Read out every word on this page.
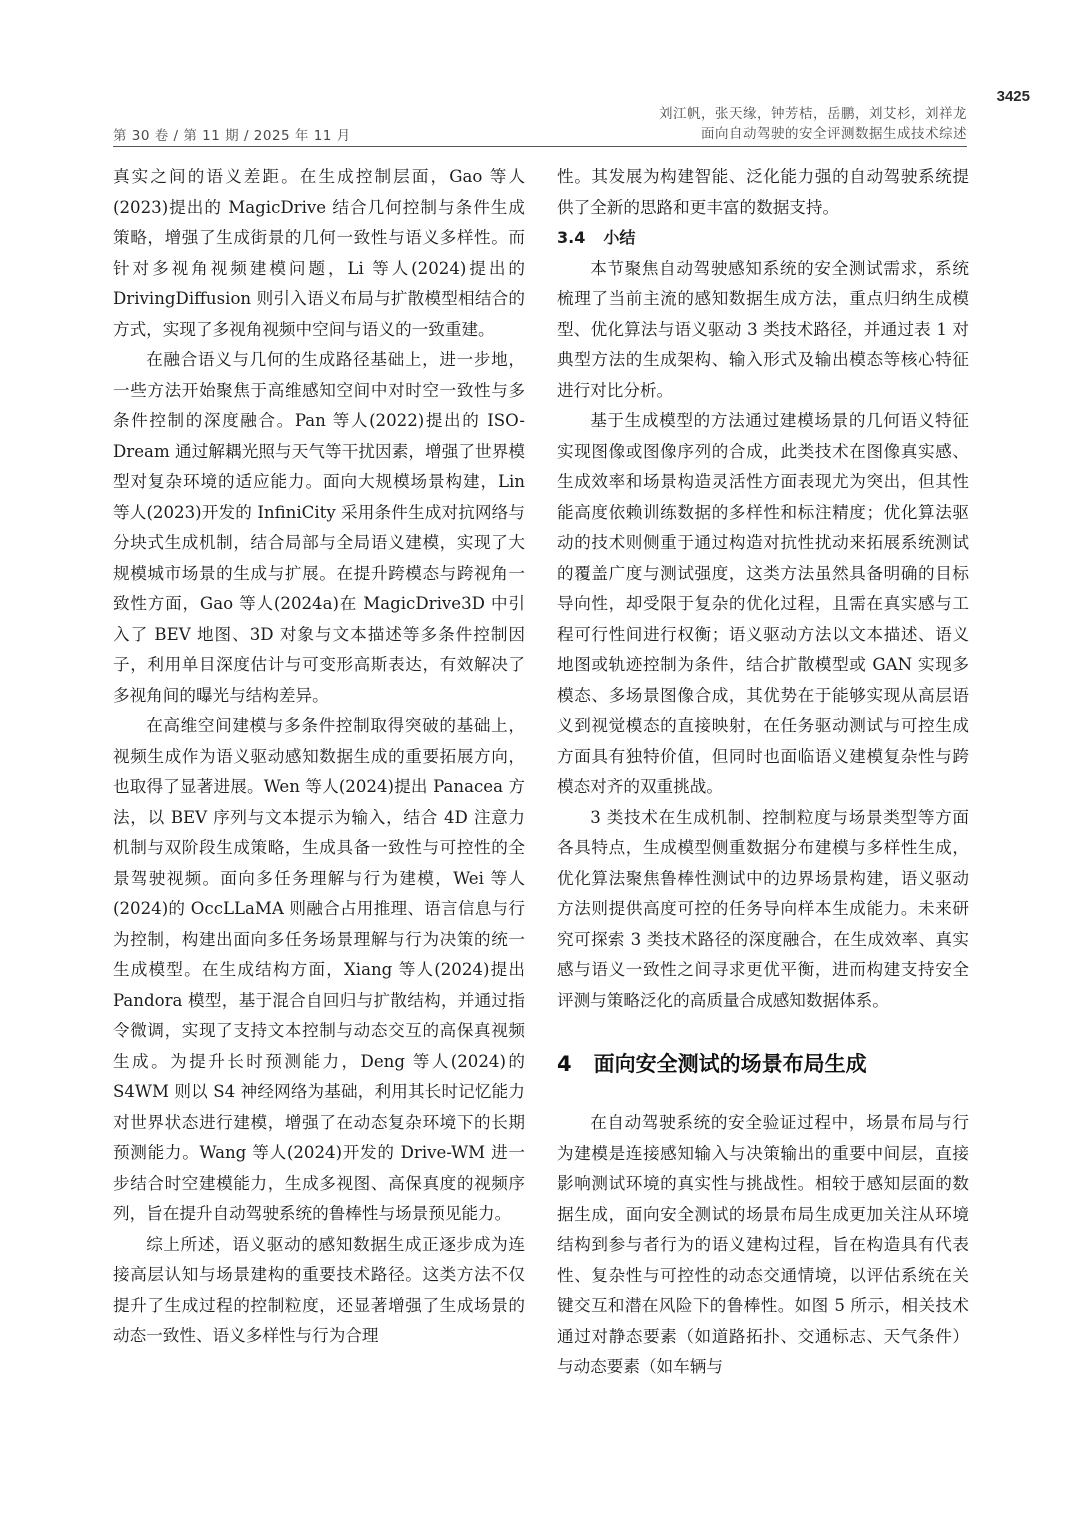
3425
第 30 卷 / 第 11 期 / 2025 年 11 月
刘江帆，张天缘，钟芳桔，岳鹏，刘艾杉，刘祥龙
面向自动驾驶的安全评测数据生成技术综述

真实之间的语义差距。在生成控制层面，Gao 等人(2023)提出的 MagicDrive 结合几何控制与条件生成策略，增强了生成街景的几何一致性与语义多样性。而针对多视角视频建模问题，Li 等人(2024)提出的 DrivingDiffusion 则引入语义布局与扩散模型相结合的方式，实现了多视角视频中空间与语义的一致重建。

在融合语义与几何的生成路径基础上，进一步地，一些方法开始聚焦于高维感知空间中对时空一致性与多条件控制的深度融合。Pan 等人(2022)提出的 ISO-Dream 通过解耦光照与天气等干扰因素，增强了世界模型对复杂环境的适应能力。面向大规模场景构建，Lin 等人(2023)开发的 InfiniCity 采用条件生成对抗网络与分块式生成机制，结合局部与全局语义建模，实现了大规模城市场景的生成与扩展。在提升跨模态与跨视角一致性方面，Gao 等人(2024a)在 MagicDrive3D 中引入了 BEV 地图、3D 对象与文本描述等多条件控制因子，利用单目深度估计与可变形高斯表达，有效解决了多视角间的曝光与结构差异。

在高维空间建模与多条件控制取得突破的基础上，视频生成作为语义驱动感知数据生成的重要拓展方向，也取得了显著进展。Wen 等人(2024)提出 Panacea 方法，以 BEV 序列与文本提示为输入，结合 4D 注意力机制与双阶段生成策略，生成具备一致性与可控性的全景驾驶视频。面向多任务理解与行为建模，Wei 等人(2024)的 OccLLaMA 则融合占用推理、语言信息与行为控制，构建出面向多任务场景理解与行为决策的统一生成模型。在生成结构方面，Xiang 等人(2024)提出 Pandora 模型，基于混合自回归与扩散结构，并通过指令微调，实现了支持文本控制与动态交互的高保真视频生成。为提升长时预测能力，Deng 等人(2024)的 S4WM 则以 S4 神经网络为基础，利用其长时记忆能力对世界状态进行建模，增强了在动态复杂环境下的长期预测能力。Wang 等人(2024)开发的 Drive-WM 进一步结合时空建模能力，生成多视图、高保真度的视频序列，旨在提升自动驾驶系统的鲁棒性与场景预见能力。

综上所述，语义驱动的感知数据生成正逐步成为连接高层认知与场景建构的重要技术路径。这类方法不仅提升了生成过程的控制粒度，还显著增强了生成场景的动态一致性、语义多样性与行为合理

性。其发展为构建智能、泛化能力强的自动驾驶系统提供了全新的思路和更丰富的数据支持。

3.4 小结

本节聚焦自动驾驶感知系统的安全测试需求，系统梳理了当前主流的感知数据生成方法，重点归纳生成模型、优化算法与语义驱动 3 类技术路径，并通过表 1 对典型方法的生成架构、输入形式及输出模态等核心特征进行对比分析。

基于生成模型的方法通过建模场景的几何语义特征实现图像或图像序列的合成，此类技术在图像真实感、生成效率和场景构造灵活性方面表现尤为突出，但其性能高度依赖训练数据的多样性和标注精度；优化算法驱动的技术则侧重于通过构造对抗性扰动来拓展系统测试的覆盖广度与测试强度，这类方法虽然具备明确的目标导向性，却受限于复杂的优化过程，且需在真实感与工程可行性间进行权衡；语义驱动方法以文本描述、语义地图或轨迹控制为条件，结合扩散模型或 GAN 实现多模态、多场景图像合成，其优势在于能够实现从高层语义到视觉模态的直接映射，在任务驱动测试与可控生成方面具有独特价值，但同时也面临语义建模复杂性与跨模态对齐的双重挑战。

3 类技术在生成机制、控制粒度与场景类型等方面各具特点，生成模型侧重数据分布建模与多样性生成，优化算法聚焦鲁棒性测试中的边界场景构建，语义驱动方法则提供高度可控的任务导向样本生成能力。未来研究可探索 3 类技术路径的深度融合，在生成效率、真实感与语义一致性之间寻求更优平衡，进而构建支持安全评测与策略泛化的高质量合成感知数据体系。

4 面向安全测试的场景布局生成

在自动驾驶系统的安全验证过程中，场景布局与行为建模是连接感知输入与决策输出的重要中间层，直接影响测试环境的真实性与挑战性。相较于感知层面的数据生成，面向安全测试的场景布局生成更加关注从环境结构到参与者行为的语义建构过程，旨在构造具有代表性、复杂性与可控性的动态交通情境，以评估系统在关键交互和潜在风险下的鲁棒性。如图 5 所示，相关技术通过对静态要素（如道路拓扑、交通标志、天气条件）与动态要素（如车辆与
